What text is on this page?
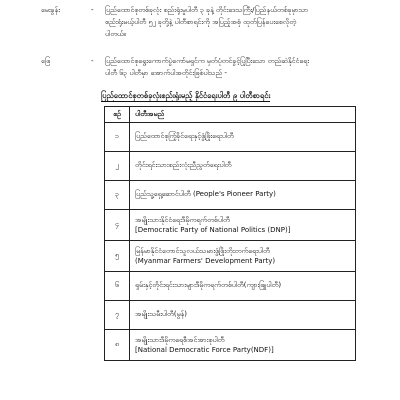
မေးခွန်း	- ပြည်ထောင်စုတစ်ခုလုံး စည်းရုံးမှုပါတီ ၃ ခုနဲ့ တိုင်းဒေသကြီး/ပြည်နယ်တစ်ခုမှာသာ
စည်းရုံးမယ့်ပါတီ ၅၂ ခုတို့နဲ့ ပါတီစာရင်းကို အပြည့်အစုံ ထုတ်ပြန်ပေးစေလိုတဲ့
ပါတယ်။
ဖြေ	- ပြည်ထောင်စုရွေးကောက်ပွဲကော်မရှင်က မှတ်ပုံတင်ခွင့်ပြုပြီးသော တည်ဆဲနိုင်ငံရေး
ပါတီ ၆၃ ပါတီမှာ အောက်ပါအတိုင်းဖြစ်ပါသည် -
ပြည်ထောင်စုတစ်ခုလုံးစည်းရုံးမည့် နိုင်ငံရေးပါတီ ၉ ပါတီစာရင်း
စဉ်	ပါတီအမည်
၁	ပြည်ထောင်စုကြံ့ခိုင်ရေးနှင့်ဖွံ့ဖြိုးရေးပါတီ
၂	တိုင်းရင်းသားစည်းလုံးညီညွတ်ရေးပါတီ
၃	ပြည်သူ့ရှေ့ဆောင်ပါတီ (People's Pioneer Party)
၄	အမျိုးသားနိုင်ငံရေးဒီမိုကရက်တစ်ပါတီ
[Democratic Party of National Politics (DNP)]

၅	မြန်မာနိုင်ငံတောင်သူလယ်သမားဖွံ့ဖြိုးတိုးတက်ရေးပါတီ
(Myanmar Farmers' Development Party)

၆	ရှမ်းနှင့်တိုင်းရင်းသားများဒီမိုကရက်တစ်ပါတီ(ကျားဖြူပါတီ)
၇	အမျိုးသမီးပါတီ(မွန်)
၈	အမျိုးသားဒီမိုကရေစီအင်အားစုပါတီ
[National Democratic Force Party(NDF)]
